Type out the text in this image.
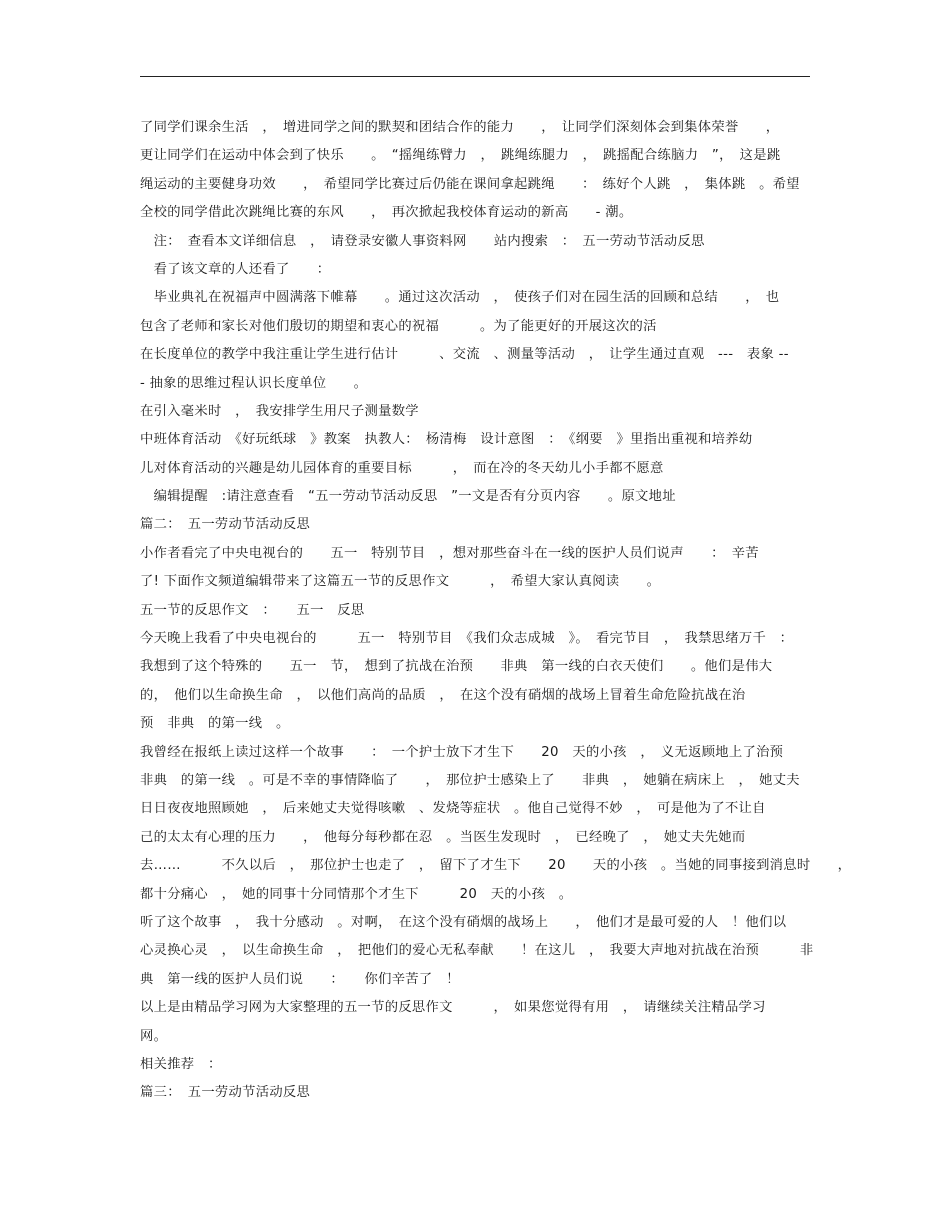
了同学们课余生活　，　增进同学之间的默契和团结合作的能力　　，　让同学们深刻体会到集体荣誉　　，
更让同学们在运动中体会到了快乐　　。　“摇绳练臂力　，　跳绳练腿力　，　跳摇配合练脑力　”，　这是跳
绳运动的主要健身功效　　，　希望同学比赛过后仍能在课间拿起跳绳　　：　练好个人跳　，　集体跳　。希望
全校的同学借此次跳绳比赛的东风　　，　再次掀起我校体育运动的新高　　- 潮。
　注：　查看本文详细信息　，　请登录安徽人事资料网　　站内搜索　：　五一劳动节活动反思
　看了该文章的人还看了　　：
　毕业典礼在祝福声中圆满落下帷幕　　。通过这次活动　，　使孩子们对在园生活的回顾和总结　　，　也
包含了老师和家长对他们殷切的期望和衷心的祝福　　　。为了能更好的开展这次的活
在长度单位的教学中我注重让学生进行估计　　　、交流　、测量等活动　，　让学生通过直观　---　表象 --
- 抽象的思维过程认识长度单位　　。
在引入毫米时　，　我安排学生用尺子测量数学
中班体育活动　《好玩纸球　》教案　执教人：　杨清梅　设计意图　：　《纲要　》里指出重视和培养幼
儿对体育活动的兴趣是幼儿园体育的重要目标　　　，　而在冷的冬天幼儿小手都不愿意
　编辑提醒　:请注意查看　“五一劳动节活动反思　”一文是否有分页内容　　。原文地址
篇二：　五一劳动节活动反思
小作者看完了中央电视台的　　五一　特别节目　，想对那些奋斗在一线的医护人员们说声　　：　辛苦
了! 下面作文频道编辑带来了这篇五一节的反思作文　　　，　希望大家认真阅读　　。
五一节的反思作文　：　　五一　反思
今天晚上我看了中央电视台的　　　五一　特别节目　《我们众志成城　》。　看完节目　，　我禁思绪万千　：
我想到了这个特殊的　　五一　节，　想到了抗战在治预　　非典　第一线的白衣天使们　　。他们是伟大
的，　他们以生命换生命　，　以他们高尚的品质　，　在这个没有硝烟的战场上冒着生命危险抗战在治
预　非典　的第一线　。
我曾经在报纸上读过这样一个故事　　：　一个护士放下才生下　　20　天的小孩　，　义无返顾地上了治预
非典　的第一线　。可是不幸的事情降临了　　，　那位护士感染上了　　非典　，　她躺在病床上　，　她丈夫
日日夜夜地照顾她　，　后来她丈夫觉得咳嗽　、发烧等症状　。他自己觉得不妙　，　可是他为了不让自
己的太太有心理的压力　　，　他每分每秒都在忍　。当医生发现时　，　已经晚了　，　她丈夫先她而
去……　　　不久以后　，　那位护士也走了　，　留下了才生下　　20　　天的小孩　。当她的同事接到消息时　　，
都十分痛心　，　她的同事十分同情那个才生下　　　20　天的小孩　。
听了这个故事　，　我十分感动　。对啊，　在这个没有硝烟的战场上　　，　他们才是最可爱的人　！他们以
心灵换心灵　，　以生命换生命　，　把他们的爱心无私奉献　　！在这儿　，　我要大声地对抗战在治预　　　非
典　第一线的医护人员们说　　：　　你们辛苦了　！
以上是由精品学习网为大家整理的五一节的反思作文　　　，　如果您觉得有用　，　请继续关注精品学习
网。
相关推荐　：
篇三：　五一劳动节活动反思
